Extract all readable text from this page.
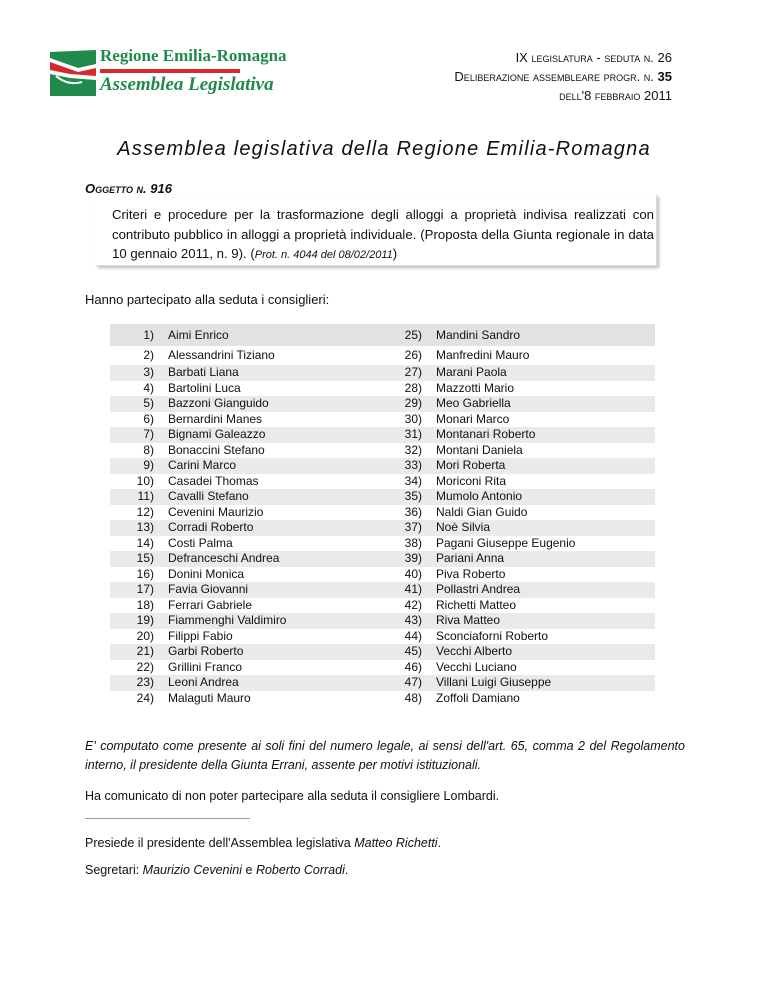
Regione Emilia-Romagna
Assemblea Legislativa
IX legislatura - seduta n. 26
Deliberazione assembleare progr. n. 35
dell'8 febbraio 2011
Assemblea legislativa della Regione Emilia-Romagna
Oggetto n. 916
Criteri e procedure per la trasformazione degli alloggi a proprietà indivisa realizzati con contributo pubblico in alloggi a proprietà individuale. (Proposta della Giunta regionale in data 10 gennaio 2011, n. 9). (Prot. n. 4044 del 08/02/2011)
Hanno partecipato alla seduta i consiglieri:
1)	Aimi Enrico	25)	Mandini Sandro
2)	Alessandrini Tiziano	26)	Manfredini Mauro
3)	Barbati Liana	27)	Marani Paola
4)	Bartolini Luca	28)	Mazzotti Mario
5)	Bazzoni Gianguido	29)	Meo Gabriella
6)	Bernardini Manes	30)	Monari Marco
7)	Bignami Galeazzo	31)	Montanari Roberto
8)	Bonaccini Stefano	32)	Montani Daniela
9)	Carini Marco	33)	Mori Roberta
10)	Casadei Thomas	34)	Moriconi Rita
11)	Cavalli Stefano	35)	Mumolo Antonio
12)	Cevenini Maurizio	36)	Naldi Gian Guido
13)	Corradi Roberto	37)	Noè Silvia
14)	Costi Palma	38)	Pagani Giuseppe Eugenio
15)	Defranceschi Andrea	39)	Pariani Anna
16)	Donini Monica	40)	Piva Roberto
17)	Favia Giovanni	41)	Pollastri Andrea
18)	Ferrari Gabriele	42)	Richetti Matteo
19)	Fiammenghi Valdimiro	43)	Riva Matteo
20)	Filippi Fabio	44)	Sconciaforni Roberto
21)	Garbi Roberto	45)	Vecchi Alberto
22)	Grillini Franco	46)	Vecchi Luciano
23)	Leoni Andrea	47)	Villani Luigi Giuseppe
24)	Malaguti Mauro	48)	Zoffoli Damiano
E' computato come presente ai soli fini del numero legale, ai sensi dell'art. 65, comma 2 del Regolamento interno, il presidente della Giunta Errani, assente per motivi istituzionali.
Ha comunicato di non poter partecipare alla seduta il consigliere Lombardi.
Presiede il presidente dell'Assemblea legislativa Matteo Richetti.
Segretari: Maurizio Cevenini e Roberto Corradi.
